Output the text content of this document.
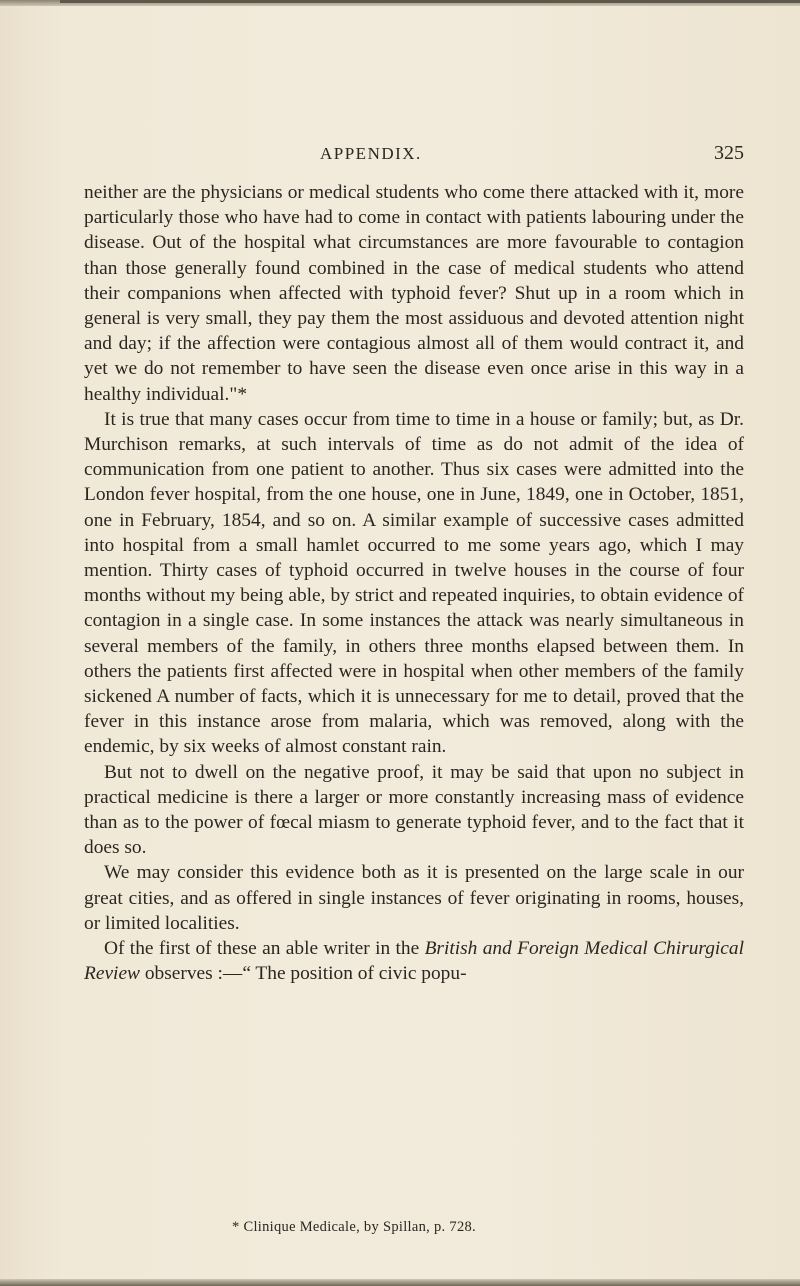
APPENDIX.	325

neither are the physicians or medical students who come there attacked with it, more particularly those who have had to come in contact with patients labouring under the disease. Out of the hospital what circumstances are more favourable to contagion than those generally found combined in the case of medical students who attend their companions when affected with typhoid fever? Shut up in a room which in general is very small, they pay them the most assiduous and devoted attention night and day; if the affection were contagious almost all of them would contract it, and yet we do not remember to have seen the disease even once arise in this way in a healthy individual."*

It is true that many cases occur from time to time in a house or family; but, as Dr. Murchison remarks, at such intervals of time as do not admit of the idea of communication from one patient to another. Thus six cases were admitted into the London fever hospital, from the one house, one in June, 1849, one in October, 1851, one in February, 1854, and so on. A similar example of successive cases admitted into hospital from a small hamlet occurred to me some years ago, which I may mention. Thirty cases of typhoid occurred in twelve houses in the course of four months without my being able, by strict and repeated inquiries, to obtain evidence of contagion in a single case. In some instances the attack was nearly simultaneous in several members of the family, in others three months elapsed between them. In others the patients first affected were in hospital when other members of the family sickened A number of facts, which it is unnecessary for me to detail, proved that the fever in this instance arose from malaria, which was removed, along with the endemic, by six weeks of almost constant rain.

But not to dwell on the negative proof, it may be said that upon no subject in practical medicine is there a larger or more constantly increasing mass of evidence than as to the power of fœcal miasm to generate typhoid fever, and to the fact that it does so.

We may consider this evidence both as it is presented on the large scale in our great cities, and as offered in single instances of fever originating in rooms, houses, or limited localities.

Of the first of these an able writer in the British and Foreign Medical Chirurgical Review observes :—“ The position of civic popu-

* Clinique Medicale, by Spillan, p. 728.
